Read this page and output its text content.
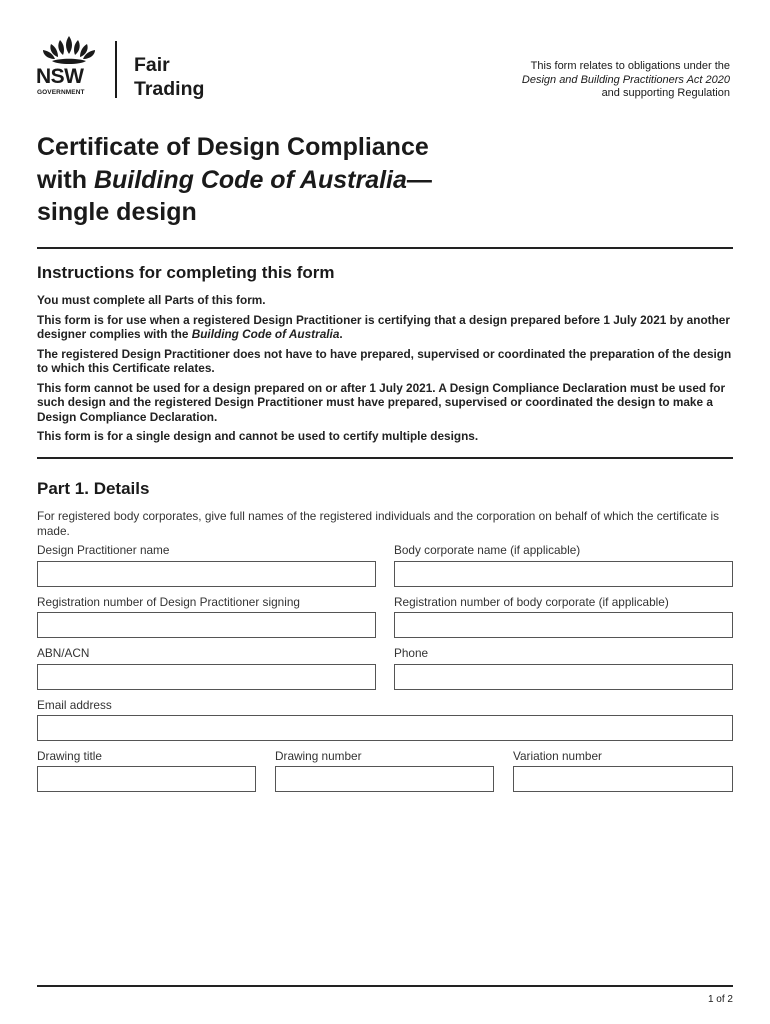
NSW
GOVERNMENT
Fair
Trading
This form relates to obligations under the
Design and Building Practitioners Act 2020
and supporting Regulation
Certificate of Design Compliance
with Building Code of Australia—
single design
Instructions for completing this form

You must complete all Parts of this form.

This form is for use when a registered Design Practitioner is certifying that a design prepared before 1 July 2021 by another designer complies with the Building Code of Australia.

The registered Design Practitioner does not have to have prepared, supervised or coordinated the preparation of the design to which this Certificate relates.

This form cannot be used for a design prepared on or after 1 July 2021. A Design Compliance Declaration must be used for such design and the registered Design Practitioner must have prepared, supervised or coordinated the design to make a Design Compliance Declaration.

This form is for a single design and cannot be used to certify multiple designs.

Part 1. Details
For registered body corporates, give full names of the registered individuals and the corporation on behalf of which the certificate is made.
Design Practitioner name	Body corporate name (if applicable)
Registration number of Design Practitioner signing	Registration number of body corporate (if applicable)
ABN/ACN	Phone
Email address
Drawing title	Drawing number	Variation number
1 of 2
